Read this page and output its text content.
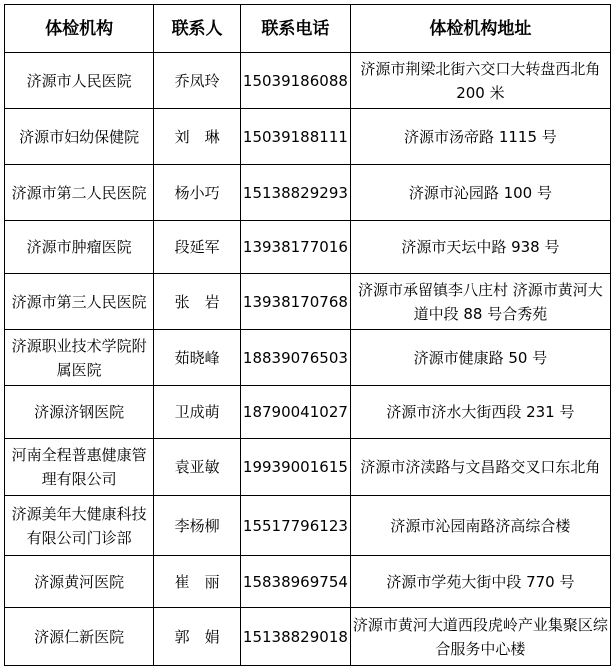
体检机构	联系人	联系电话	体检机构地址
济源市人民医院	乔凤玲	15039186088	济源市荆梁北街六交口大转盘西北角 200 米
济源市妇幼保健院	刘　琳	15039188111	济源市汤帝路 1115 号
济源市第二人民医院	杨小巧	15138829293	济源市沁园路 100 号
济源市肿瘤医院	段延军	13938177016	济源市天坛中路 938 号
济源市第三人民医院	张　岩	13938170768	济源市承留镇李八庄村 济源市黄河大道中段 88 号合秀苑
济源职业技术学院附属医院	茹晓峰	18839076503	济源市健康路 50 号
济源济钢医院	卫成萌	18790041027	济源市济水大街西段 231 号
河南全程普惠健康管理有限公司	袁亚敏	19939001615	济源市济渎路与文昌路交叉口东北角
济源美年大健康科技有限公司门诊部	李杨柳	15517796123	济源市沁园南路济高综合楼
济源黄河医院	崔　丽	15838969754	济源市学苑大街中段 770 号
济源仁新医院	郭　娟	15138829018	济源市黄河大道西段虎岭产业集聚区综合服务中心楼
